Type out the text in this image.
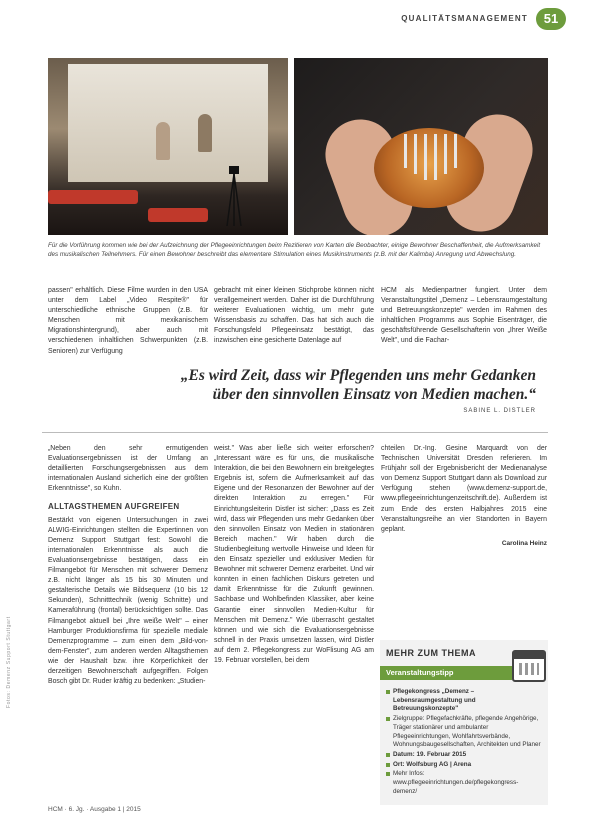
QUALITÄTSMANAGEMENT	51
Für die Vorführung kommen wie bei der Aufzeichnung der Pflegeeinrichtungen beim Rezitieren von Karten die Beobachter, einige Bewohner Beschaffenheit, die Aufmerksamkeit des musikalischen Teilnehmers. Für einen Bewohner beschreibt das elementare Stimulation eines Musikinstruments (z.B. mit der Kalimba) Anregung und Abwechslung.
passen" erhältlich. Diese Filme wurden in den USA unter dem Label „Video Respite®" für unterschiedliche ethnische Gruppen (z.B. für Menschen mit mexikanischem Migrationshintergrund), aber auch mit verschiedenen inhaltlichen Schwerpunkten (z.B. Senioren) zur Verfügung
gebracht mit einer kleinen Stichprobe können nicht verallgemeinert werden. Daher ist die Durchführung weiterer Evaluationen wichtig, um mehr gute Wissensbasis zu schaffen. Das hat sich auch die Forschungsfeld Pflegeeinsatz bestätigt, das inzwischen eine gesicherte Datenlage auf
HCM als Medienpartner fungiert. Unter dem Veranstaltungstitel „Demenz – Lebensraumgestaltung und Betreuungskonzepte" werden im Rahmen des inhaltlichen Programms aus Sophie Eisenträger, die geschäftsführende Gesellschafterin von „Ihrer Weiße Welt", und die Fachar-
„Es wird Zeit, dass wir Pflegenden uns mehr Gedanken
über den sinnvollen Einsatz von Medien machen.“
SABINE L. DISTLER
„Neben den sehr ermutigenden Evaluationsergebnissen ist der Umfang an detaillierten Forschungsergebnissen aus dem internationalen Ausland sicherlich eine der größten Erkenntnisse", so Kuhn.
ALLTAGSTHEMEN AUFGREIFEN
Bestärkt von eigenen Untersuchungen in zwei ALWIG-Einrichtungen stellten die Expertinnen von Demenz Support Stuttgart fest: Sowohl die internationalen Erkenntnisse als auch die Evaluationsergebnisse bestätigen, dass ein Filmangebot für Menschen mit schwerer Demenz z.B. nicht länger als 15 bis 30 Minuten und gestalterische Details wie Bildsequenz (10 bis 12 Sekunden), Schnitttechnik (wenig Schnitte) und Kameraführung (frontal) berücksichtigen sollte. Das Filmangebot aktuell bei „Ihre weiße Welt" – einer Hamburger Produktionsfirma für spezielle mediale Demenzprogramme – zum einen dem „Bild-von-dem-Fenster", zum anderen werden Alltagsthemen wie der Haushalt bzw. ihre Körperlichkeit der derzeitigen Bewohnerschaft aufgegriffen. Folgen Bosch gibt Dr. Ruder kräftig zu bedenken: „Studien-
weist." Was aber ließe sich weiter erforschen? „Interessant wäre es für uns, die musikalische Interaktion, die bei den Bewohnern ein breitgelegtes Ergebnis ist, sofern die Aufmerksamkeit auf das Eigene und der Resonanzen der Bewohner auf der direkten Interaktion zu erregen." Für Einrichtungsleiterin Distler ist sicher: „Dass es Zeit wird, dass wir Pflegenden uns mehr Gedanken über den sinnvollen Einsatz von Medien in stationären Bereich machen." Wir haben durch die Studienbegleitung wertvolle Hinweise und Ideen für den Einsatz spezieller und exklusiver Medien für Bewohner mit schwerer Demenz erarbeitet. Und wir konnten in einen fachlichen Diskurs getreten und damit Erkenntnisse für die Zukunft gewinnen. Sachbase und Wohlbefinden Klassiker, aber keine Garantie einer sinnvollen Medien-Kultur für Menschen mit Demenz." Wie überrascht gestaltet können und wie sich die Evaluationsergebnisse schnell in der Praxis umsetzen lassen, wird Distler auf dem 2. Pflegekongress zur WoFlisung AG am 19. Februar vorstellen, bei dem
chteilen Dr.-Ing. Gesine Marquardt von der Technischen Universität Dresden referieren. Im Frühjahr soll der Ergebnisbericht der Medienanalyse von Demenz Support Stuttgart dann als Download zur Verfügung stehen (www.demenz-support.de, www.pflegeeinrichtungenzeitschrift.de). Außerdem ist zum Ende des ersten Halbjahres 2015 eine Veranstaltungsreihe an vier Standorten in Bayern geplant.
Carolina Heinz
MEHR ZUM THEMA
Veranstaltungstipp
Pflegekongress „Demenz – Lebensraumgestaltung und Betreuungskonzepte"
Zielgruppe: Pflegefachkräfte, pflegende Angehörige, Träger stationärer und ambulanter Pflegeeinrichtungen, Wohlfahrtsverbände, Wohnungsbaugesellschaften, Architekten und Planer
Datum: 19. Februar 2015
Ort: Wolfsburg AG | Arena
Mehr Infos: www.pflegeeinrichtungen.de/pflegekongress-demenz/
Fotos: Demenz Support Stuttgart
HCM · 6. Jg. · Ausgabe 1 | 2015
